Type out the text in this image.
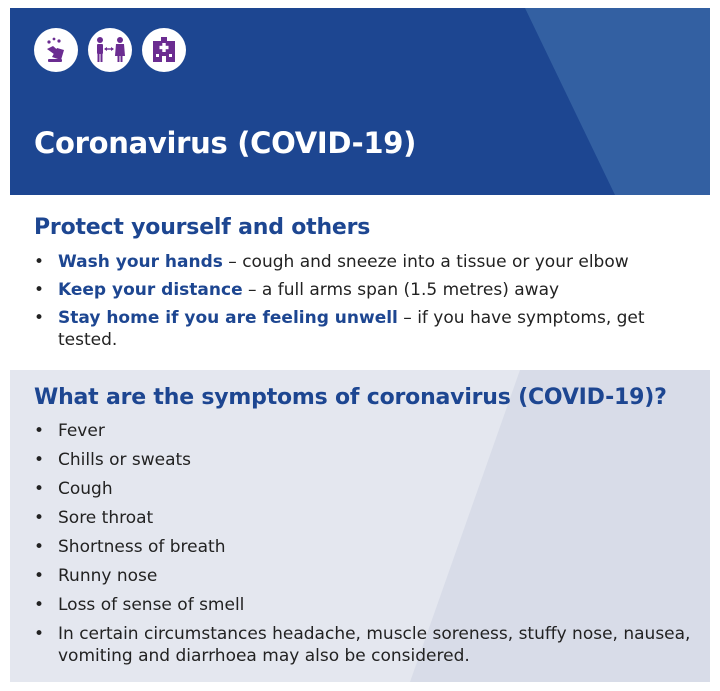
Coronavirus (COVID-19)
Protect yourself and others
• Wash your hands – cough and sneeze into a tissue or your elbow
• Keep your distance – a full arms span (1.5 metres) away
• Stay home if you are feeling unwell – if you have symptoms, get tested.
What are the symptoms of coronavirus (COVID-19)?
• Fever
• Chills or sweats
• Cough
• Sore throat
• Shortness of breath
• Runny nose
• Loss of sense of smell
• In certain circumstances headache, muscle soreness, stuffy nose, nausea, vomiting and diarrhoea may also be considered.
